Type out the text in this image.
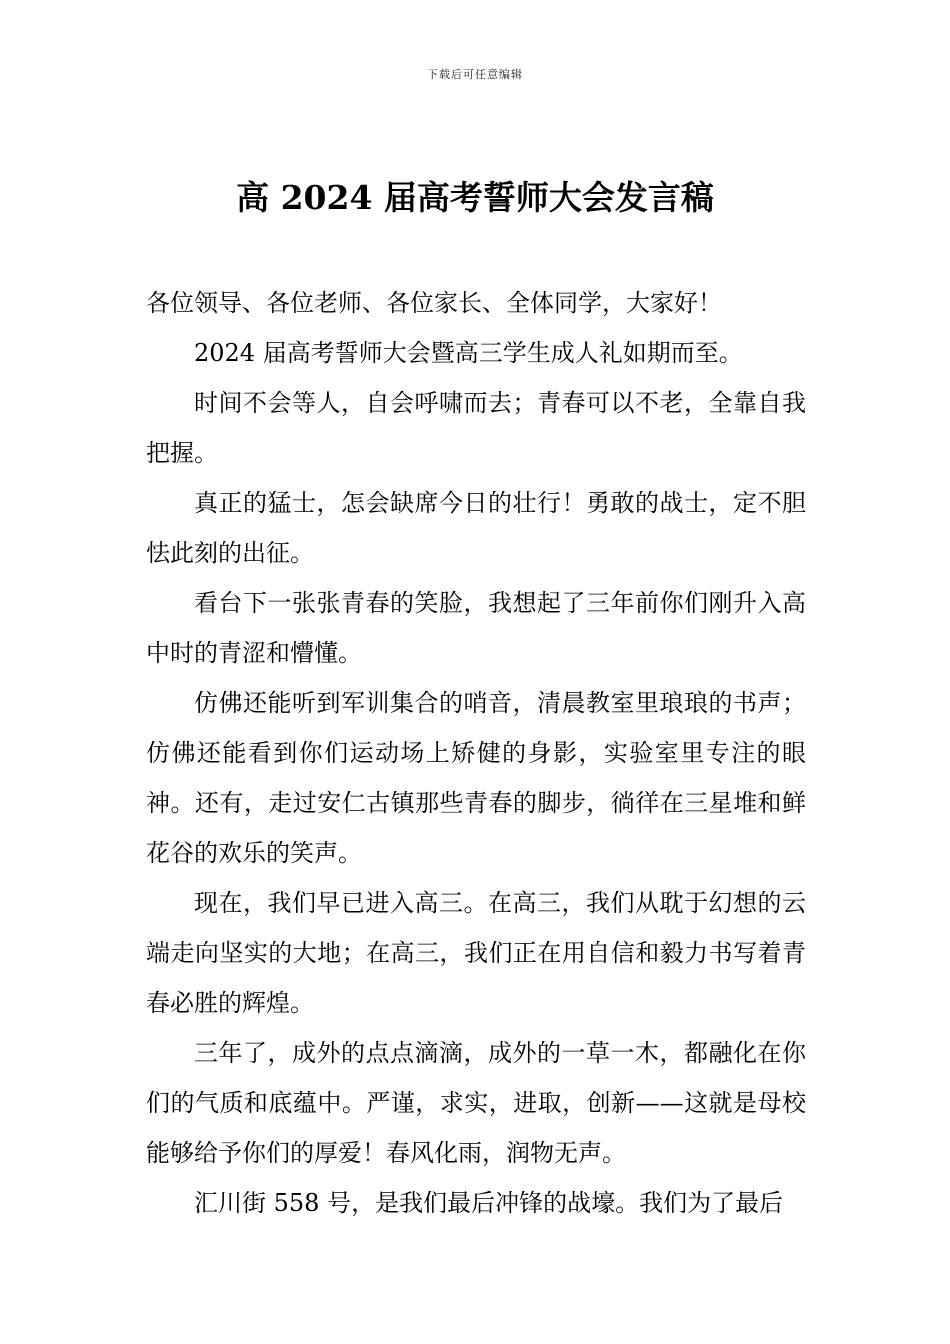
下载后可任意编辑
高 2024 届高考誓师大会发言稿

各位领导、各位老师、各位家长、全体同学，大家好！

2024 届高考誓师大会暨高三学生成人礼如期而至。

时间不会等人，自会呼啸而去；青春可以不老，全靠自我把握。

真正的猛士，怎会缺席今日的壮行！勇敢的战士，定不胆怯此刻的出征。

看台下一张张青春的笑脸，我想起了三年前你们刚升入高中时的青涩和懵懂。

仿佛还能听到军训集合的哨音，清晨教室里琅琅的书声；仿佛还能看到你们运动场上矫健的身影，实验室里专注的眼神。还有，走过安仁古镇那些青春的脚步，徜徉在三星堆和鲜花谷的欢乐的笑声。

现在，我们早已进入高三。在高三，我们从耽于幻想的云端走向坚实的大地；在高三，我们正在用自信和毅力书写着青春必胜的辉煌。

三年了，成外的点点滴滴，成外的一草一木，都融化在你们的气质和底蕴中。严谨，求实，进取，创新——这就是母校能够给予你们的厚爱！春风化雨，润物无声。

汇川街 558 号，是我们最后冲锋的战壕。我们为了最后
